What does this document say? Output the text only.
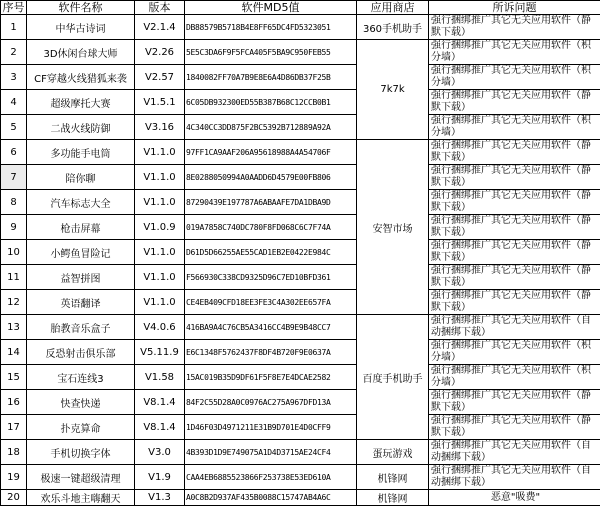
序号	软件名称	版本	软件MD5值	应用商店	所诉问题
1	中华古诗词	V2.1.4	DB88579B5718B4E8FF65DC4FD5323051	360手机助手	强行捆绑推广其它无关应用软件（静默下载）
2	3D休闲台球大师	V2.26	5E5C3DA6F9F5FCA405F5BA9C950FEB55	7k7k	强行捆绑推广其它无关应用软件（积分墙）
3	CF穿越火线猎狐来袭	V2.57	1840082FF70A7B9E8E6A4D86DB37F25B		强行捆绑推广其它无关应用软件（积分墙）
4	超级摩托大赛	V1.5.1	6C05DB932300ED55B387B68C12CCB0B1		强行捆绑推广其它无关应用软件（静默下载）
5	二战火线防御	V3.16	4C340CC3DD875F2BC5392B712889A92A		强行捆绑推广其它无关应用软件（积分墙）
6	多功能手电筒	V1.1.0	97FF1CA9AAF206A95618988A4A54706F	安智市场	强行捆绑推广其它无关应用软件（静默下载）
7	陪你聊	V1.1.0	8E0288050994A0AADD6D4579E00FB806		强行捆绑推广其它无关应用软件（静默下载）
8	汽车标志大全	V1.1.0	87290439E197787A6ABAAFE7DA1DBA9D		强行捆绑推广其它无关应用软件（静默下载）
9	枪击屏幕	V1.0.9	019A7858C740DC780F8FD068C6C7F74A		强行捆绑推广其它无关应用软件（静默下载）
10	小鳄鱼冒险记	V1.1.0	D61D5D66255AE55CAD1EB2E0422E984C		强行捆绑推广其它无关应用软件（静默下载）
11	益智拼图	V1.1.0	F566930C338CD9325D96C7ED10BFD361		强行捆绑推广其它无关应用软件（静默下载）
12	英语翻译	V1.1.0	CE4EB409CFD18EE3FE3C4A302EE657FA		强行捆绑推广其它无关应用软件（静默下载）
13	胎教音乐盒子	V4.0.6	416BA9A4C76CB5A3416CC4B9E9B48CC7	百度手机助手	强行捆绑推广其它无关应用软件（自动捆绑下载）
14	反恐射击俱乐部	V5.11.9	E6C1348F5762437F8DF4B720F9E0637A		强行捆绑推广其它无关应用软件（积分墙）
15	宝石连线3	V1.58	15AC019B35D9DF61F5F8E7E4DCAE2582		强行捆绑推广其它无关应用软件（积分墙）
16	快查快递	V8.1.4	84F2C55D28A0C0976AC275A967DFD13A		强行捆绑推广其它无关应用软件（静默下载）
17	扑克算命	V8.1.4	1D46F03D4971211E31B9D701E4D0CFF9		强行捆绑推广其它无关应用软件（静默下载）
18	手机切换字体	V3.0	4B393D1D9E749075A1D4D3715AE24CF4	蛋玩游戏	强行捆绑推广其它无关应用软件（自动捆绑下载）
19	极速一键超级清理	V1.9	CAA4EB6885523866F253738E53ED610A	机锋网	强行捆绑推广其它无关应用软件（自动捆绑下载）
20	欢乐斗地主嗨翻天	V1.3	A0C8B2D937AF435B0088C15747AB4A6C	机锋网	恶意"吸费"
